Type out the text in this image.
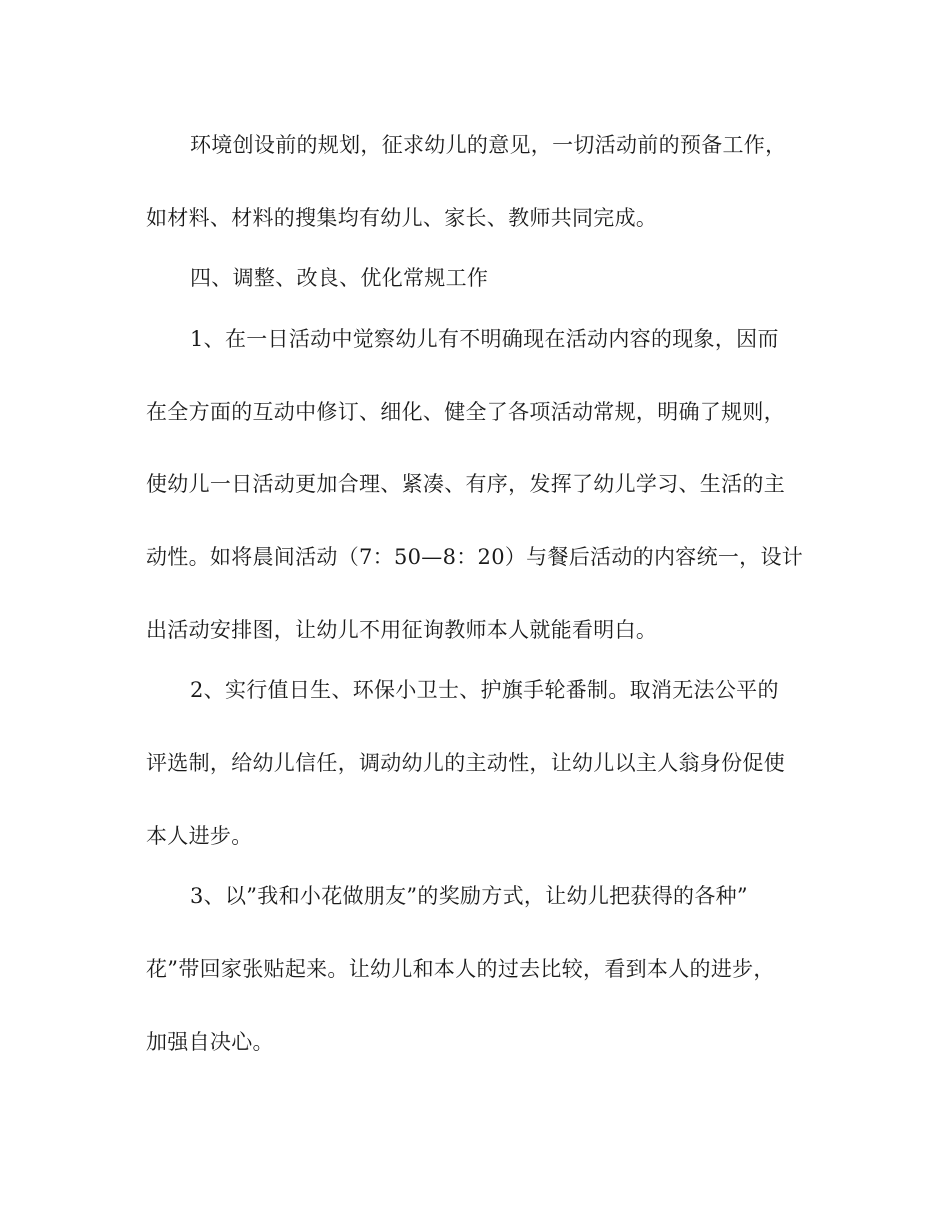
环境创设前的规划，征求幼儿的意见，一切活动前的预备工作，
如材料、材料的搜集均有幼儿、家长、教师共同完成。
四、调整、改良、优化常规工作
1、在一日活动中觉察幼儿有不明确现在活动内容的现象，因而
在全方面的互动中修订、细化、健全了各项活动常规，明确了规则，
使幼儿一日活动更加合理、紧凑、有序，发挥了幼儿学习、生活的主
动性。如将晨间活动（7：50—8：20）与餐后活动的内容统一，设计
出活动安排图，让幼儿不用征询教师本人就能看明白。
2、实行值日生、环保小卫士、护旗手轮番制。取消无法公平的
评选制，给幼儿信任，调动幼儿的主动性，让幼儿以主人翁身份促使
本人进步。
3、以”我和小花做朋友”的奖励方式，让幼儿把获得的各种”
花”带回家张贴起来。让幼儿和本人的过去比较，看到本人的进步，
加强自决心。
